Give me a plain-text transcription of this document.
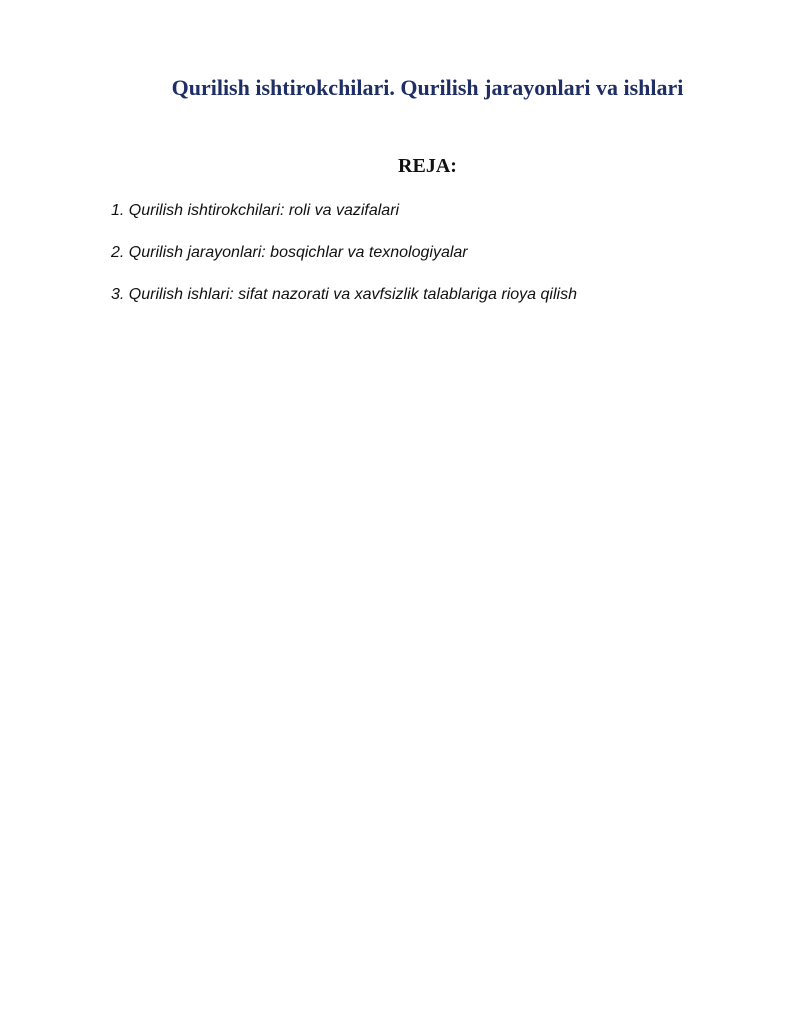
Qurilish ishtirokchilari. Qurilish jarayonlari va ishlari
REJA:
1. Qurilish ishtirokchilari: roli va vazifalari
2. Qurilish jarayonlari: bosqichlar va texnologiyalar
3. Qurilish ishlari: sifat nazorati va xavfsizlik talablariga rioya qilish
